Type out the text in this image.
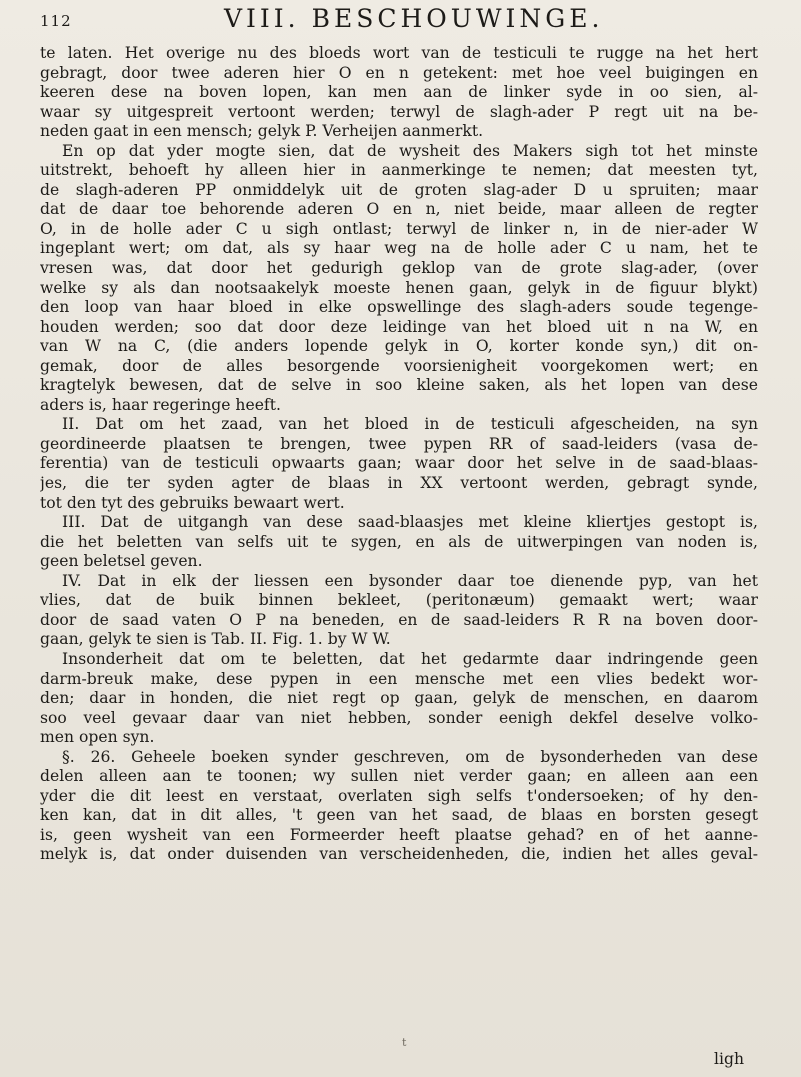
112	VIII. BESCHOUWINGE.
te laten. Het overige nu des bloeds wort van de testiculi te rugge na het hert
gebragt, door twee aderen hier O en n getekent: met hoe veel buigingen en
keeren dese na boven lopen, kan men aan de linker syde in oo sien, al-
waar sy uitgespreit vertoont werden; terwyl de slagh-ader P regt uit na be-
neden gaat in een mensch; gelyk P. Verheijen aanmerkt.
En op dat yder mogte sien, dat de wysheit des Makers sigh tot het minste
uitstrekt, behoeft hy alleen hier in aanmerkinge te nemen; dat meesten tyt,
de slagh-aderen PP onmiddelyk uit de groten slag-ader D u spruiten; maar
dat de daar toe behorende aderen O en n, niet beide, maar alleen de regter
O, in de holle ader C u sigh ontlast; terwyl de linker n, in de nier-ader W
ingeplant wert; om dat, als sy haar weg na de holle ader C u nam, het te
vresen was, dat door het gedurigh geklop van de grote slag-ader, (over
welke sy als dan nootsaakelyk moeste henen gaan, gelyk in de figuur blykt)
den loop van haar bloed in elke opswellinge des slagh-aders soude tegenge-
houden werden; soo dat door deze leidinge van het bloed uit n na W, en
van W na C, (die anders lopende gelyk in O, korter konde syn,) dit on-
gemak, door de alles besorgende voorsienigheit voorgekomen wert; en
kragtelyk bewesen, dat de selve in soo kleine saken, als het lopen van dese
aders is, haar regeringe heeft.
II. Dat om het zaad, van het bloed in de testiculi afgescheiden, na syn
geordineerde plaatsen te brengen, twee pypen RR of saad-leiders (vasa de-
ferentia) van de testiculi opwaarts gaan; waar door het selve in de saad-blaas-
jes, die ter syden agter de blaas in XX vertoont werden, gebragt synde,
tot den tyt des gebruiks bewaart wert.
III. Dat de uitgangh van dese saad-blaasjes met kleine kliertjes gestopt is,
die het beletten van selfs uit te sygen, en als de uitwerpingen van noden is,
geen beletsel geven.
IV. Dat in elk der liessen een bysonder daar toe dienende pyp, van het
vlies, dat de buik binnen bekleet, (peritonæum) gemaakt wert; waar
door de saad vaten O P na beneden, en de saad-leiders R R na boven door-
gaan, gelyk te sien is Tab. II. Fig. 1. by W W.
Insonderheit dat om te beletten, dat het gedarmte daar indringende geen
darm-breuk make, dese pypen in een mensche met een vlies bedekt wor-
den; daar in honden, die niet regt op gaan, gelyk de menschen, en daarom
soo veel gevaar daar van niet hebben, sonder eenigh dekfel deselve volko-
men open syn.
§. 26. Geheele boeken synder geschreven, om de bysonderheden van dese
delen alleen aan te toonen; wy sullen niet verder gaan; en alleen aan een
yder die dit leest en verstaat, overlaten sigh selfs t'ondersoeken; of hy den-
ken kan, dat in dit alles, 't geen van het saad, de blaas en borsten gesegt
is, geen wysheit van een Formeerder heeft plaatse gehad? en of het aanne-
melyk is, dat onder duisenden van verscheidenheden, die, indien het alles geval-
ligh
t
